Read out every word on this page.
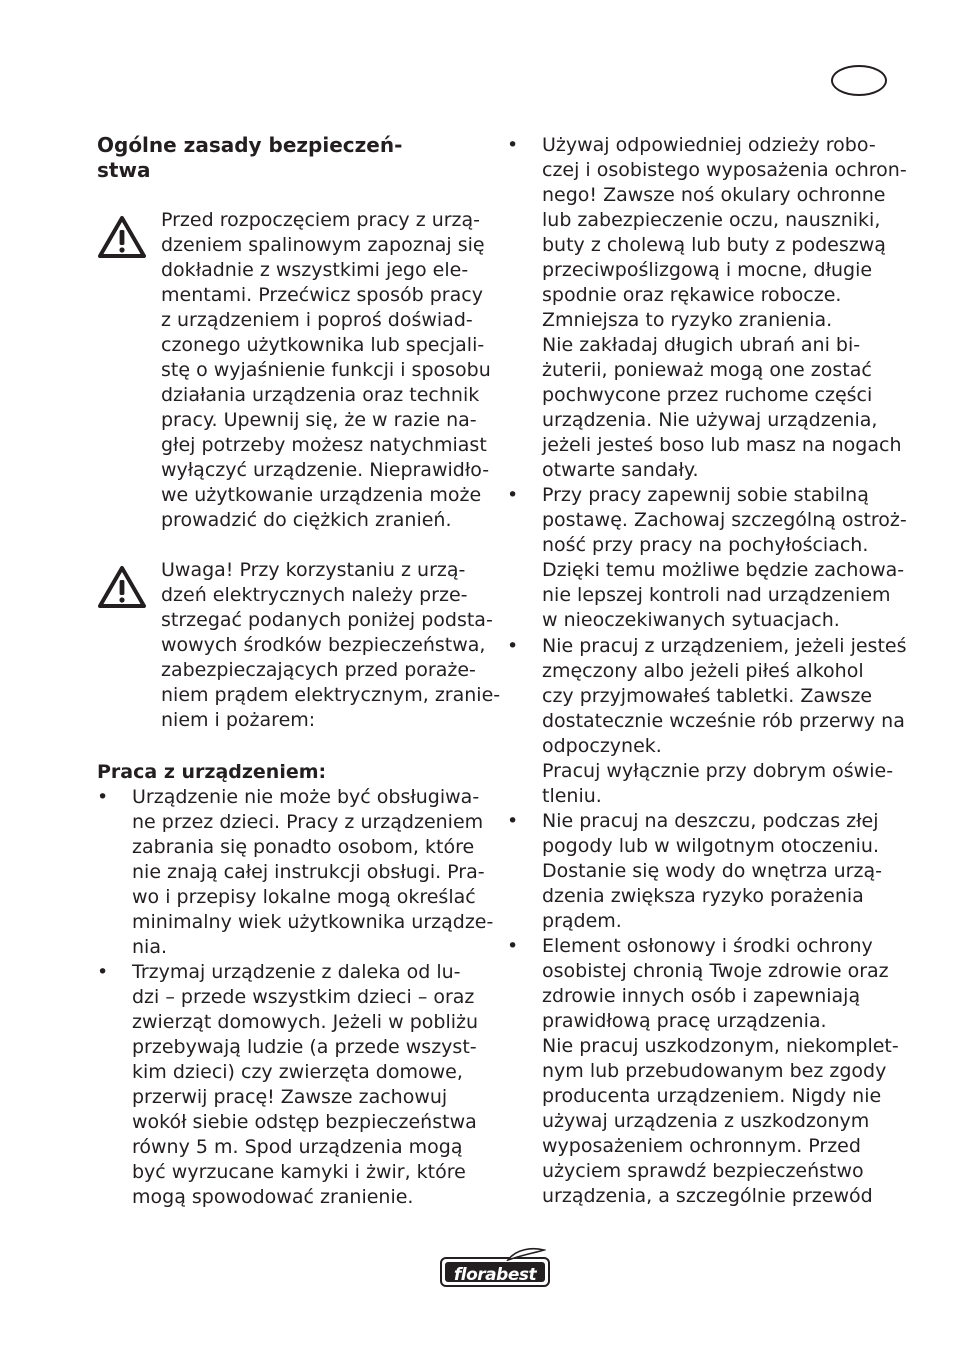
Ogólne zasady bezpieczeń-
stwa
Przed rozpoczęciem pracy z urzą-
dzeniem spalinowym zapoznaj się
dokładnie z wszystkimi jego ele-
mentami. Przećwicz sposób pracy
z urządzeniem i poproś doświad-
czonego użytkownika lub specjali-
stę o wyjaśnienie funkcji i sposobu
działania urządzenia oraz technik
pracy. Upewnij się, że w razie na-
głej potrzeby możesz natychmiast
wyłączyć urządzenie. Nieprawidło-
we użytkowanie urządzenia może
prowadzić do ciężkich zranień.
Uwaga! Przy korzystaniu z urzą-
dzeń elektrycznych należy prze-
strzegać podanych poniżej podsta-
wowych środków bezpieczeństwa,
zabezpieczających przed poraże-
niem prądem elektrycznym, zranie-
niem i pożarem:
Praca z urządzeniem:
•	Urządzenie nie może być obsługiwa-
ne przez dzieci. Pracy z urządzeniem
zabrania się ponadto osobom, które
nie znają całej instrukcji obsługi. Pra-
wo i przepisy lokalne mogą określać
minimalny wiek użytkownika urządze-
nia.
•	Trzymaj urządzenie z daleka od lu-
dzi – przede wszystkim dzieci – oraz
zwierząt domowych. Jeżeli w pobliżu
przebywają ludzie (a przede wszyst-
kim dzieci) czy zwierzęta domowe,
przerwij pracę! Zawsze zachowuj
wokół siebie odstęp bezpieczeństwa
równy 5 m. Spod urządzenia mogą
być wyrzucane kamyki i żwir, które
mogą spowodować zranienie.
•	Używaj odpowiedniej odzieży robo-
czej i osobistego wyposażenia ochron-
nego! Zawsze noś okulary ochronne
lub zabezpieczenie oczu, nauszniki,
buty z cholewą lub buty z podeszwą
przeciwpoślizgową i mocne, długie
spodnie oraz rękawice robocze.
Zmniejsza to ryzyko zranienia.
Nie zakładaj długich ubrań ani bi-
żuterii, ponieważ mogą one zostać
pochwycone przez ruchome części
urządzenia. Nie używaj urządzenia,
jeżeli jesteś boso lub masz na nogach
otwarte sandały.
•	Przy pracy zapewnij sobie stabilną
postawę. Zachowaj szczególną ostroż-
ność przy pracy na pochyłościach.
Dzięki temu możliwe będzie zachowa-
nie lepszej kontroli nad urządzeniem
w nieoczekiwanych sytuacjach.
•	Nie pracuj z urządzeniem, jeżeli jesteś
zmęczony albo jeżeli piłeś alkohol
czy przyjmowałeś tabletki. Zawsze
dostatecznie wcześnie rób przerwy na
odpoczynek.
Pracuj wyłącznie przy dobrym oświe-
tleniu.
•	Nie pracuj na deszczu, podczas złej
pogody lub w wilgotnym otoczeniu.
Dostanie się wody do wnętrza urzą-
dzenia zwiększa ryzyko porażenia
prądem.
•	Element osłonowy i środki ochrony
osobistej chronią Twoje zdrowie oraz
zdrowie innych osób i zapewniają
prawidłową pracę urządzenia.
Nie pracuj uszkodzonym, niekomplet-
nym lub przebudowanym bez zgody
producenta urządzeniem. Nigdy nie
używaj urządzenia z uszkodzonym
wyposażeniem ochronnym. Przed
użyciem sprawdź bezpieczeństwo
urządzenia, a szczególnie przewód
florabest
